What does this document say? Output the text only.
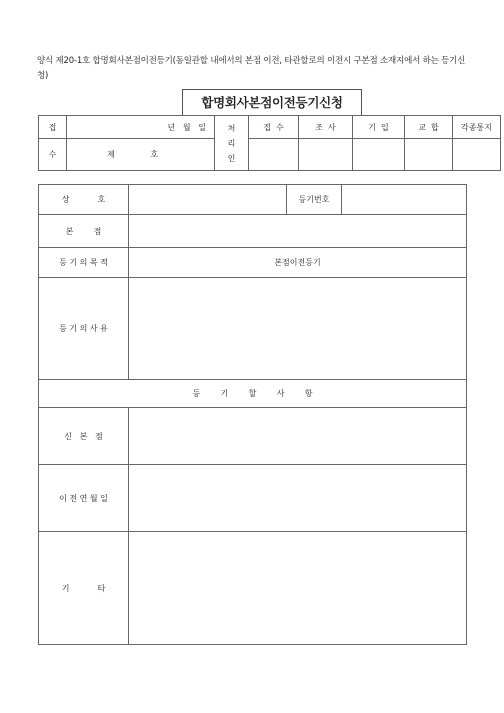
양식 제20-1호 합명회사본점이전등기(동일관할 내에서의 본점 이전, 타관할로의 이전시 구본점 소재지에서 하는 등기신청)
합명회사본점이전등기신청
접	년   월   일	처 리 인	접  수	조  사	기  입	교  합	각종통지
수	제              호						
상           호		등기번호	
본        점			
등 기 의 목 적	본점이전등기		
등 기 의 사 유			
등        기        할        사        항			
신   본   점			
이 전 연 월 일			
기           타			
